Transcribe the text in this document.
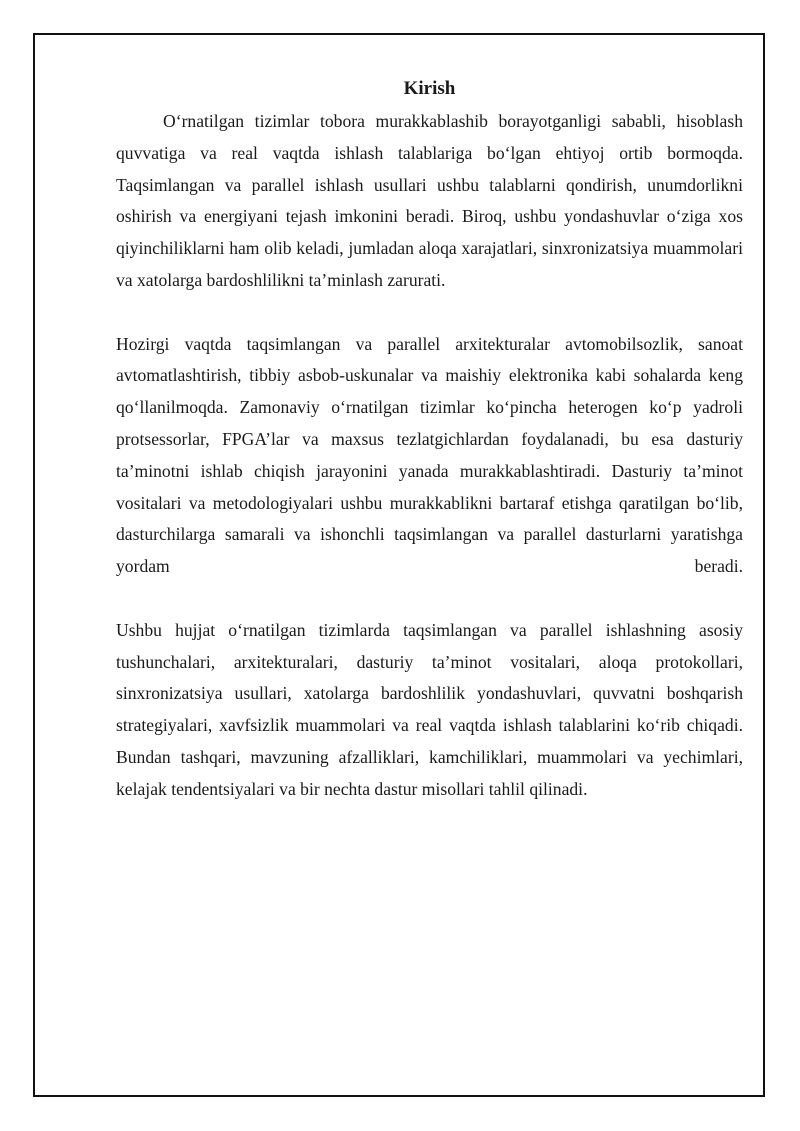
Kirish

O‘rnatilgan tizimlar tobora murakkablashib borayotganligi sababli, hisoblash quvvatiga va real vaqtda ishlash talablariga bo‘lgan ehtiyoj ortib bormoqda. Taqsimlangan va parallel ishlash usullari ushbu talablarni qondirish, unumdorlikni oshirish va energiyani tejash imkonini beradi. Biroq, ushbu yondashuvlar o‘ziga xos qiyinchiliklarni ham olib keladi, jumladan aloqa xarajatlari, sinxronizatsiya muammolari va xatolarga bardoshlilikni ta’minlash zarurati.

Hozirgi vaqtda taqsimlangan va parallel arxitekturalar avtomobilsozlik, sanoat avtomatlashtirish, tibbiy asbob-uskunalar va maishiy elektronika kabi sohalarda keng qo‘llanilmoqda. Zamonaviy o‘rnatilgan tizimlar ko‘pincha heterogen ko‘p yadroli protsessorlar, FPGA’lar va maxsus tezlatgichlardan foydalanadi, bu esa dasturiy ta’minotni ishlab chiqish jarayonini yanada murakkablashtiradi. Dasturiy ta’minot vositalari va metodologiyalari ushbu murakkablikni bartaraf etishga qaratilgan bo‘lib, dasturchilarga samarali va ishonchli taqsimlangan va parallel dasturlarni yaratishga yordam beradi.

Ushbu hujjat o‘rnatilgan tizimlarda taqsimlangan va parallel ishlashning asosiy tushunchalari, arxitekturalari, dasturiy ta’minot vositalari, aloqa protokollari, sinxronizatsiya usullari, xatolarga bardoshlilik yondashuvlari, quvvatni boshqarish strategiyalari, xavfsizlik muammolari va real vaqtda ishlash talablarini ko‘rib chiqadi. Bundan tashqari, mavzuning afzalliklari, kamchiliklari, muammolari va yechimlari, kelajak tendentsiyalari va bir nechta dastur misollari tahlil qilinadi.
